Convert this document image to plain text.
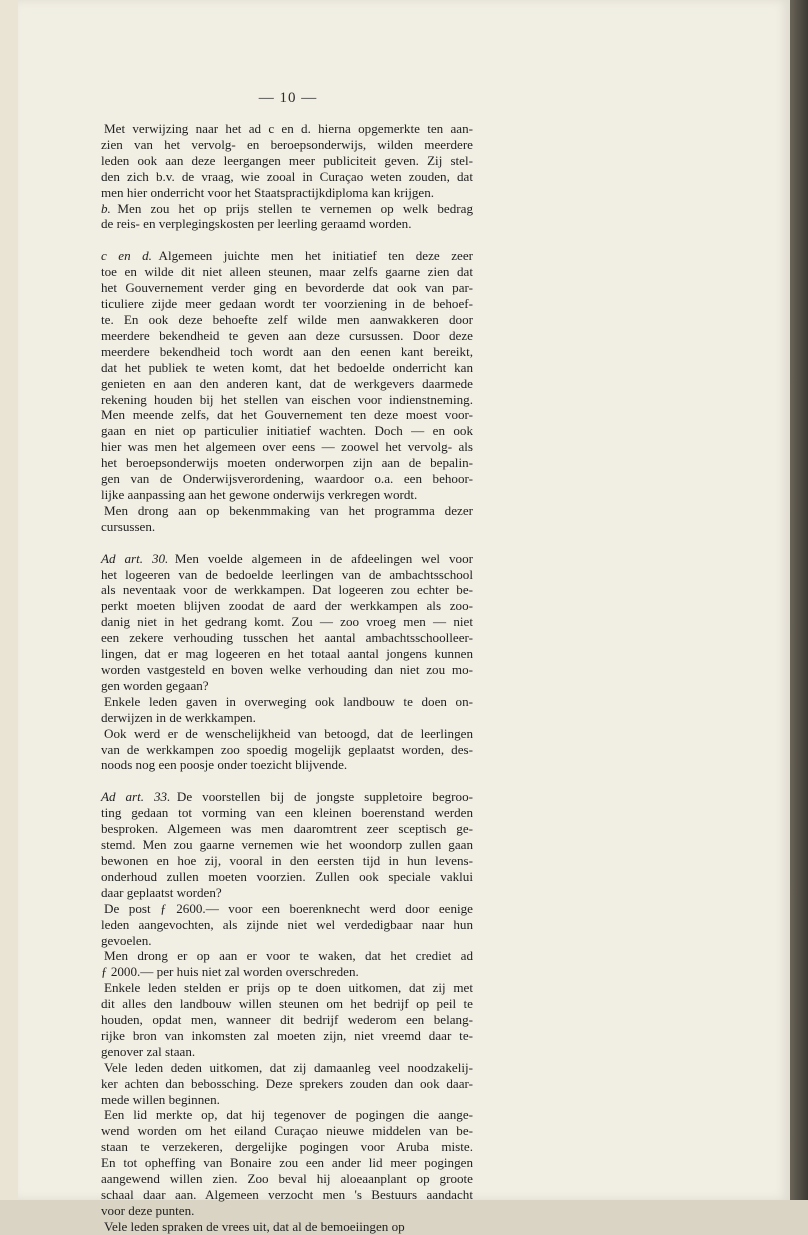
— 10 —
Met verwijzing naar het ad c en d. hierna opgemerkte ten aan-
zien van het vervolg- en beroepsonderwijs, wilden meerdere
leden ook aan deze leergangen meer publiciteit geven. Zij stel-
den zich b.v. de vraag, wie zooal in Curaçao weten zouden, dat
men hier onderricht voor het Staatspractijkdiploma kan krijgen.
b.  Men zou het op prijs stellen te vernemen op welk bedrag
de reis- en verplegingskosten per leerling geraamd worden.
c en d.  Algemeen juichte men het initiatief ten deze zeer
toe en wilde dit niet alleen steunen, maar zelfs gaarne zien dat
het Gouvernement verder ging en bevorderde dat ook van par-
ticuliere zijde meer gedaan wordt ter voorziening in de behoef-
te. En ook deze behoefte zelf wilde men aanwakkeren door
meerdere bekendheid te geven aan deze cursussen. Door deze
meerdere bekendheid toch wordt aan den eenen kant bereikt,
dat het publiek te weten komt, dat het bedoelde onderricht kan
genieten en aan den anderen kant, dat de werkgevers daarmede
rekening houden bij het stellen van eischen voor indienstneming.
Men meende zelfs, dat het Gouvernement ten deze moest voor-
gaan en niet op particulier initiatief wachten. Doch — en ook
hier was men het algemeen over eens — zoowel het vervolg- als
het beroepsonderwijs moeten onderworpen zijn aan de bepalin-
gen van de Onderwijsverordening, waardoor o.a. een behoor-
lijke aanpassing aan het gewone onderwijs verkregen wordt.
Men drong aan op bekenmmaking van het programma dezer
cursussen.
Ad art. 30.  Men voelde algemeen in de afdeelingen wel voor
het logeeren van de bedoelde leerlingen van de ambachtsschool
als neventaak voor de werkkampen. Dat logeeren zou echter be-
perkt moeten blijven zoodat de aard der werkkampen als zoo-
danig niet in het gedrang komt. Zou — zoo vroeg men — niet
een zekere verhouding tusschen het aantal ambachtsschoolleer-
lingen, dat er mag logeeren en het totaal aantal jongens kunnen
worden vastgesteld en boven welke verhouding dan niet zou mo-
gen worden gegaan?
Enkele leden gaven in overweging ook landbouw te doen on-
derwijzen in de werkkampen.
Ook werd er de wenschelijkheid van betoogd, dat de leerlingen
van de werkkampen zoo spoedig mogelijk geplaatst worden, des-
noods nog een poosje onder toezicht blijvende.
Ad art. 33.  De voorstellen bij de jongste suppletoire begroo-
ting gedaan tot vorming van een kleinen boerenstand werden
besproken. Algemeen was men daaromtrent zeer sceptisch ge-
stemd. Men zou gaarne vernemen wie het woondorp zullen gaan
bewonen en hoe zij, vooral in den eersten tijd in hun levens-
onderhoud zullen moeten voorzien. Zullen ook speciale vaklui
daar geplaatst worden?
De post ƒ 2600.— voor een boerenknecht werd door eenige
leden aangevochten, als zijnde niet wel verdedigbaar naar hun
gevoelen.
Men drong er op aan er voor te waken, dat het crediet ad
ƒ 2000.— per huis niet zal worden overschreden.
Enkele leden stelden er prijs op te doen uitkomen, dat zij met
dit alles den landbouw willen steunen om het bedrijf op peil te
houden, opdat men, wanneer dit bedrijf wederom een belang-
rijke bron van inkomsten zal moeten zijn, niet vreemd daar te-
genover zal staan.
Vele leden deden uitkomen, dat zij damaanleg veel noodzakelij-
ker achten dan bebossching. Deze sprekers zouden dan ook daar-
mede willen beginnen.
Een lid merkte op, dat hij tegenover de pogingen die aange-
wend worden om het eiland Curaçao nieuwe middelen van be-
staan te verzekeren, dergelijke pogingen voor Aruba miste.
En tot opheffing van Bonaire zou een ander lid meer pogingen
aangewend willen zien. Zoo beval hij aloeaanplant op groote
schaal daar aan. Algemeen verzocht men 's Bestuurs aandacht
voor deze punten.
Vele leden spraken de vrees uit, dat al de bemoeiingen op
